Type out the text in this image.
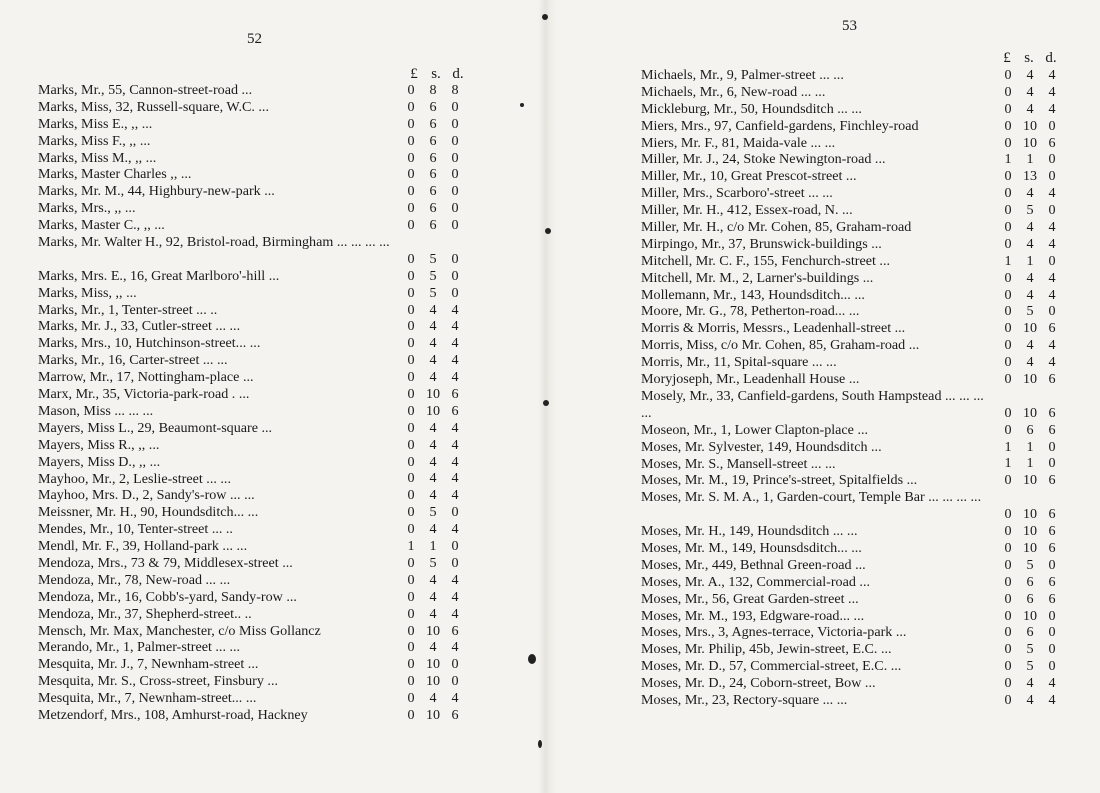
52
£ s. d.
Marks, Mr., 55, Cannon-street-road ...	0	8	8
Marks, Miss, 32, Russell-square, W.C. ...	0	6	0
Marks, Miss E., ,, ...	0	6	0
Marks, Miss F., ,, ...	0	6	0
Marks, Miss M., ,, ...	0	6	0
Marks, Master Charles ,, ...	0	6	0
Marks, Mr. M., 44, Highbury-new-park ...	0	6	0
Marks, Mrs., ,, ...	0	6	0
Marks, Master C., ,, ...	0	6	0
Marks, Mr. Walter H., 92, Bristol-road, Birmingham ... ... ... ...
0	5	0
Marks, Mrs. E., 16, Great Marlboro'-hill ...	0	5	0
Marks, Miss, ,, ...	0	5	0
Marks, Mr., 1, Tenter-street ... ..	0	4	4
Marks, Mr. J., 33, Cutler-street ... ...	0	4	4
Marks, Mrs., 10, Hutchinson-street... ...	0	4	4
Marks, Mr., 16, Carter-street ... ...	0	4	4
Marrow, Mr., 17, Nottingham-place ...	0	4	4
Marx, Mr., 35, Victoria-park-road . ...	0 10 6
Mason, Miss ... ... ...	0 10 6
Mayers, Miss L., 29, Beaumont-square ...	0	4	4
Mayers, Miss R., ,, ...	0	4	4
Mayers, Miss D., ,, ...	0	4	4
Mayhoo, Mr., 2, Leslie-street ... ...	0	4	4
Mayhoo, Mrs. D., 2, Sandy's-row ... ...	0	4	4
Meissner, Mr. H., 90, Houndsditch... ...	0	5	0
Mendes, Mr., 10, Tenter-street ... ..	0	4	4
Mendl, Mr. F., 39, Holland-park ... ...	1	1	0
Mendoza, Mrs., 73 & 79, Middlesex-street ...	0	5	0
Mendoza, Mr., 78, New-road ... ...	0	4	4
Mendoza, Mr., 16, Cobb's-yard, Sandy-row ...	0	4	4
Mendoza, Mr., 37, Shepherd-street.. ..	0	4	4
Mensch, Mr. Max, Manchester, c/o Miss Gollancz	0 10 6
Merando, Mr., 1, Palmer-street ... ...	0	4	4
Mesquita, Mr. J., 7, Newnham-street ...	0 10 0
Mesquita, Mr. S., Cross-street, Finsbury ...	0 10 0
Mesquita, Mr., 7, Newnham-street... ...	0	4	4
Metzendorf, Mrs., 108, Amhurst-road, Hackney	0 10 6
53
£ s. d.
Michaels, Mr., 9, Palmer-street ... ...	0	4	4
Michaels, Mr., 6, New-road ... ...	0	4	4
Mickleburg, Mr., 50, Houndsditch ... ...	0	4	4
Miers, Mrs., 97, Canfield-gardens, Finchley-road	0 10 0
Miers, Mr. F., 81, Maida-vale ... ...	0 10 6
Miller, Mr. J., 24, Stoke Newington-road ...	1	1	0
Miller, Mr., 10, Great Prescot-street ...	0 13 0
Miller, Mrs., Scarboro'-street ... ...	0	4	4
Miller, Mr. H., 412, Essex-road, N. ...	0	5	0
Miller, Mr. H., c/o Mr. Cohen, 85, Graham-road	0	4	4
Mirpingo, Mr., 37, Brunswick-buildings ...	0	4	4
Mitchell, Mr. C. F., 155, Fenchurch-street ...	1	1	0
Mitchell, Mr. M., 2, Larner's-buildings ...	0	4	4
Mollemann, Mr., 143, Houndsditch... ...	0	4	4
Moore, Mr. G., 78, Petherton-road... ...	0	5	0
Morris & Morris, Messrs., Leadenhall-street ...	0 10 6
Morris, Miss, c/o Mr. Cohen, 85, Graham-road ...	0	4	4
Morris, Mr., 11, Spital-square ... ...	0	4	4
Moryjoseph, Mr., Leadenhall House ...	0 10 6
Mosely, Mr., 33, Canfield-gardens, South Hampstead ... ... ... ...	0 10 6
Moseon, Mr., 1, Lower Clapton-place ...	0	6	6
Moses, Mr. Sylvester, 149, Houndsditch ...	1	1	0
Moses, Mr. S., Mansell-street ... ...	1	1	0
Moses, Mr. M., 19, Prince's-street, Spitalfields ...	0 10 6
Moses, Mr. S. M. A., 1, Garden-court, Temple Bar ... ... ... ...
0 10 6
Moses, Mr. H., 149, Houndsditch ... ...	0 10 6
Moses, Mr. M., 149, Hounsdsditch... ...	0 10 6
Moses, Mr., 449, Bethnal Green-road ...	0	5	0
Moses, Mr. A., 132, Commercial-road ...	0	6	6
Moses, Mr., 56, Great Garden-street ...	0	6	6
Moses, Mr. M., 193, Edgware-road... ...	0 10 0
Moses, Mrs., 3, Agnes-terrace, Victoria-park ...	0	6	0
Moses, Mr. Philip, 45b, Jewin-street, E.C. ...	0	5	0
Moses, Mr. D., 57, Commercial-street, E.C. ...	0	5	0
Moses, Mr. D., 24, Coborn-street, Bow ...	0	4	4
Moses, Mr., 23, Rectory-square ... ...	0	4	4
